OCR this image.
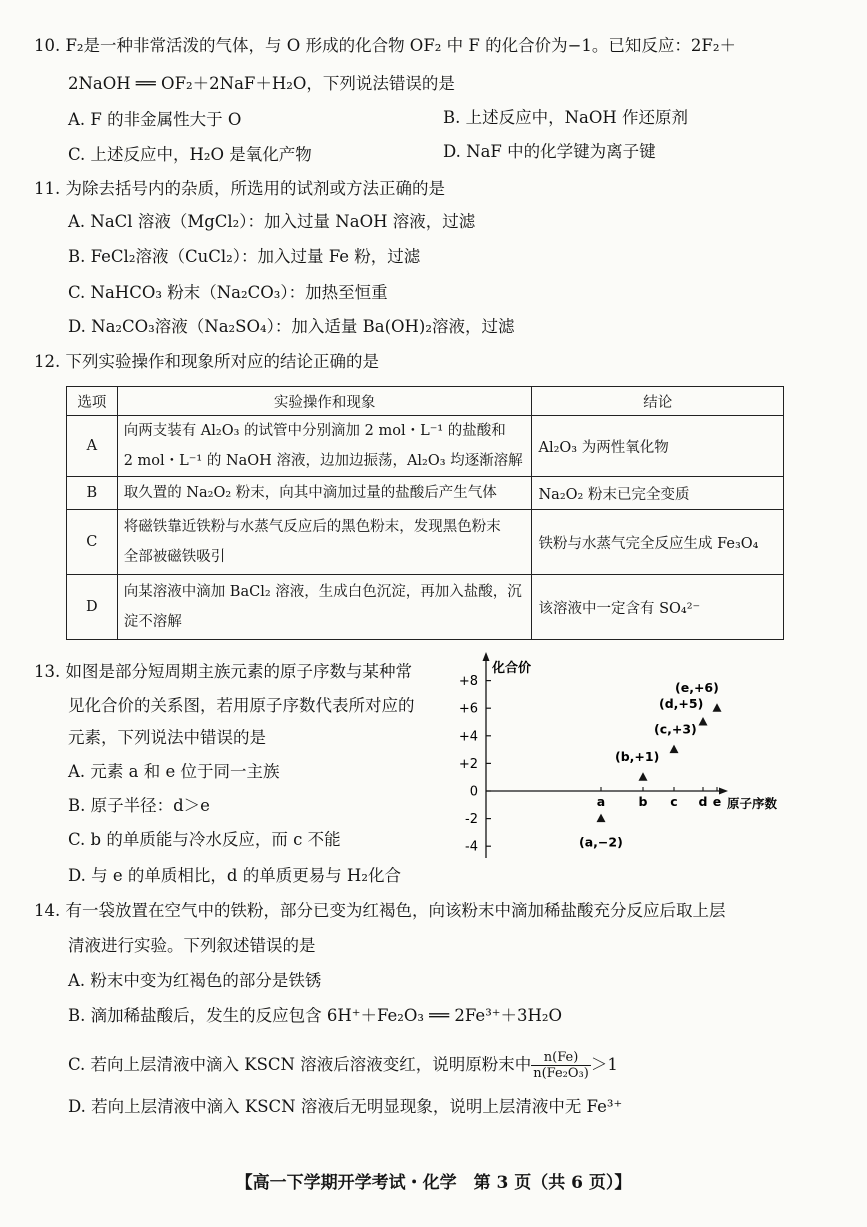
10. F₂是一种非常活泼的气体，与 O 形成的化合物 OF₂ 中 F 的化合价为−1。已知反应：2F₂＋
2NaOH ══ OF₂＋2NaF＋H₂O，下列说法错误的是
A. F 的非金属性大于 O	B. 上述反应中，NaOH 作还原剂
C. 上述反应中，H₂O 是氧化产物	D. NaF 中的化学键为离子键
11. 为除去括号内的杂质，所选用的试剂或方法正确的是
A. NaCl 溶液（MgCl₂）：加入过量 NaOH 溶液，过滤
B. FeCl₂溶液（CuCl₂）：加入过量 Fe 粉，过滤
C. NaHCO₃ 粉末（Na₂CO₃）：加热至恒重
D. Na₂CO₃溶液（Na₂SO₄）：加入适量 Ba(OH)₂溶液，过滤
12. 下列实验操作和现象所对应的结论正确的是
选项	实验操作和现象	结论
A	向两支装有 Al₂O₃ 的试管中分别滴加 2 mol・L⁻¹ 的盐酸和
2 mol・L⁻¹ 的 NaOH 溶液，边加边振荡，Al₂O₃ 均逐渐溶解	Al₂O₃ 为两性氧化物
B	取久置的 Na₂O₂ 粉末，向其中滴加过量的盐酸后产生气体	Na₂O₂ 粉末已完全变质
C	将磁铁靠近铁粉与水蒸气反应后的黑色粉末，发现黑色粉末
全部被磁铁吸引	铁粉与水蒸气完全反应生成 Fe₃O₄
D	向某溶液中滴加 BaCl₂ 溶液，生成白色沉淀，再加入盐酸，沉
淀不溶解	该溶液中一定含有 SO₄²⁻
13. 如图是部分短周期主族元素的原子序数与某种常
见化合价的关系图，若用原子序数代表所对应的
元素，下列说法中错误的是
A. 元素 a 和 e 位于同一主族
B. 原子半径：d＞e
C. b 的单质能与冷水反应，而 c 不能
D. 与 e 的单质相比，d 的单质更易与 H₂化合
化合价
原子序数
-4
-2
0
+2
+4
+6
+8
a	b c d e
(a,−2)
(b,+1)
(c,+3)
(d,+5)
(e,+6)
14. 有一袋放置在空气中的铁粉，部分已变为红褐色，向该粉末中滴加稀盐酸充分反应后取上层
清液进行实验。下列叙述错误的是
A. 粉末中变为红褐色的部分是铁锈
B. 滴加稀盐酸后，发生的反应包含 6H⁺＋Fe₂O₃ ══ 2Fe³⁺＋3H₂O
C. 若向上层清液中滴入 KSCN 溶液后溶液变红，说明原粉末中 $\frac{n(Fe)}{\text{n(Fe₂O₃)}} >1$
D. 若向上层清液中滴入 KSCN 溶液后无明显现象，说明上层清液中无 Fe³⁺
【高一下学期开学考试・化学　第 3 页（共 6 页）】
